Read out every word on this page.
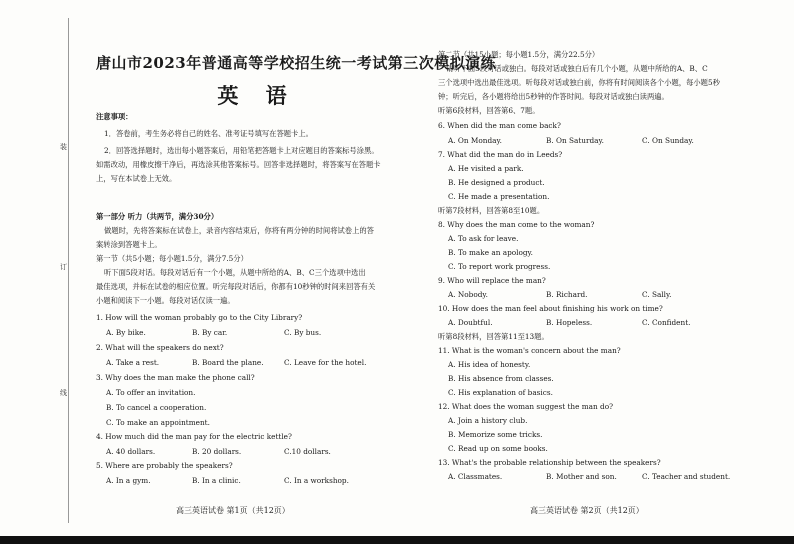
装
订
线
唐山市2023年普通高等学校招生统一考试第三次模拟演练
英 语
注意事项：
1．答卷前，考生务必将自己的姓名、准考证号填写在答题卡上。
2．回答选择题时，选出每小题答案后，用铅笔把答题卡上对应题目的答案标号涂黑。
如需改动，用橡皮擦干净后，再选涂其他答案标号。回答非选择题时，将答案写在答题卡
上，写在本试卷上无效。
第一部分 听力（共两节，满分30分）
做题时，先将答案标在试卷上，录音内容结束后，你将有两分钟的时间将试卷上的答
案转涂到答题卡上。
第一节（共5小题；每小题1.5分，满分7.5分）
听下面5段对话。每段对话后有一个小题，从题中所给的A、B、C三个选项中选出
最佳选项，并标在试卷的相应位置。听完每段对话后，你都有10秒钟的时间来回答有关
小题和阅读下一小题。每段对话仅读一遍。
1. How will the woman probably go to the City Library?
A. By bike.	B. By car.	C. By bus.
2. What will the speakers do next?
A. Take a rest.	B. Board the plane.	C. Leave for the hotel.
3. Why does the man make the phone call?
A. To offer an invitation.
B. To cancel a cooperation.
C. To make an appointment.
4. How much did the man pay for the electric kettle?
A. 40 dollars.	B. 20 dollars.	C.10 dollars.
5. Where are probably the speakers?
A. In a gym.	B. In a clinic.	C. In a workshop.
高三英语试卷 第1页（共12页）
第二节（共15小题；每小题1.5分，满分22.5分）
请听下面5段对话或独白。每段对话或独白后有几个小题，从题中所给的A、B、C
三个选项中选出最佳选项。听每段对话或独白前，你将有时间阅读各个小题，每小题5秒
钟；听完后，各小题将给出5秒钟的作答时间。每段对话或独白读两遍。
听第6段材料，回答第6、7题。
6. When did the man come back?
A. On Monday.	B. On Saturday.	C. On Sunday.
7. What did the man do in Leeds?
A. He visited a park.
B. He designed a product.
C. He made a presentation.
听第7段材料，回答第8至10题。
8. Why does the man come to the woman?
A. To ask for leave.
B. To make an apology.
C. To report work progress.
9. Who will replace the man?
A. Nobody.	B. Richard.	C. Sally.
10. How does the man feel about finishing his work on time?
A. Doubtful.	B. Hopeless.	C. Confident.
听第8段材料，回答第11至13题。
11. What is the woman's concern about the man?
A. His idea of honesty.
B. His absence from classes.
C. His explanation of basics.
12. What does the woman suggest the man do?
A. Join a history club.
B. Memorize some tricks.
C. Read up on some books.
13. What's the probable relationship between the speakers?
A. Classmates.	B. Mother and son.	C. Teacher and student.
高三英语试卷 第2页（共12页）
